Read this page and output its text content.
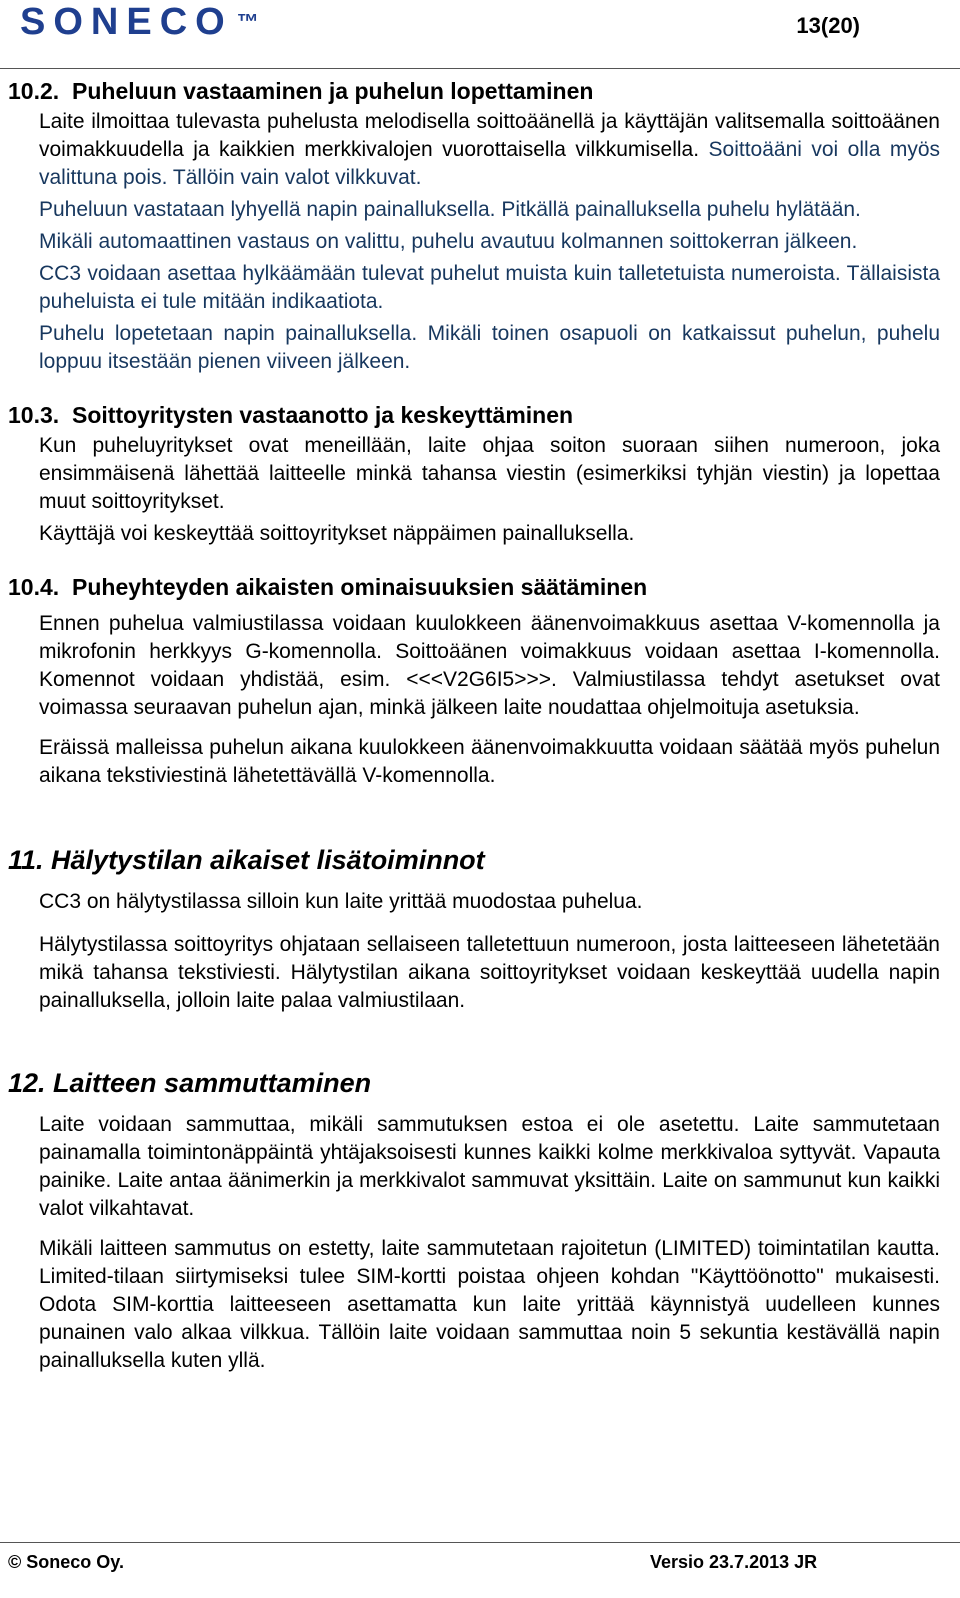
SONECO ™	13(20)
10.2. Puheluun vastaaminen ja puhelun lopettaminen

Laite ilmoittaa tulevasta puhelusta melodisella soittoäänellä ja käyttäjän valitsemalla soittoäänen voimakkuudella ja kaikkien merkkivalojen vuorottaisella vilkkumisella. Soittoääni voi olla myös valittuna pois. Tällöin vain valot vilkkuvat.

Puheluun vastataan lyhyellä napin painalluksella. Pitkällä painalluksella puhelu hylätään.

Mikäli automaattinen vastaus on valittu, puhelu avautuu kolmannen soittokerran jälkeen.

CC3 voidaan asettaa hylkäämään tulevat puhelut muista kuin talletetuista numeroista. Tällaisista puheluista ei tule mitään indikaatiota.

Puhelu lopetetaan napin painalluksella. Mikäli toinen osapuoli on katkaissut puhelun, puhelu loppuu itsestään pienen viiveen jälkeen.

10.3. Soittoyritysten vastaanotto ja keskeyttäminen

Kun puheluyritykset ovat meneillään, laite ohjaa soiton suoraan siihen numeroon, joka ensimmäisenä lähettää laitteelle minkä tahansa viestin (esimerkiksi tyhjän viestin) ja lopettaa muut soittoyritykset.

Käyttäjä voi keskeyttää soittoyritykset näppäimen painalluksella.

10.4. Puheyhteyden aikaisten ominaisuuksien säätäminen

Ennen puhelua valmiustilassa voidaan kuulokkeen äänenvoimakkuus asettaa V-komennolla ja mikrofonin herkkyys G-komennolla. Soittoäänen voimakkuus voidaan asettaa I-komennolla. Komennot voidaan yhdistää, esim. <<<V2G6I5>>>. Valmiustilassa tehdyt asetukset ovat voimassa seuraavan puhelun ajan, minkä jälkeen laite noudattaa ohjelmoituja asetuksia.

Eräissä malleissa puhelun aikana kuulokkeen äänenvoimakkuutta voidaan säätää myös puhelun aikana tekstiviestinä lähetettävällä V-komennolla.

11. Hälytystilan aikaiset lisätoiminnot

CC3 on hälytystilassa silloin kun laite yrittää muodostaa puhelua.

Hälytystilassa soittoyritys ohjataan sellaiseen talletettuun numeroon, josta laitteeseen lähetetään mikä tahansa tekstiviesti. Hälytystilan aikana soittoyritykset voidaan keskeyttää uudella napin painalluksella, jolloin laite palaa valmiustilaan.

12. Laitteen sammuttaminen

Laite voidaan sammuttaa, mikäli sammutuksen estoa ei ole asetettu. Laite sammutetaan painamalla toimintonäppäintä yhtäjaksoisesti kunnes kaikki kolme merkkivaloa syttyvät. Vapauta painike. Laite antaa äänimerkin ja merkkivalot sammuvat yksittäin. Laite on sammunut kun kaikki valot vilkahtavat.

Mikäli laitteen sammutus on estetty, laite sammutetaan rajoitetun (LIMITED) toimintatilan kautta. Limited-tilaan siirtymiseksi tulee SIM-kortti poistaa ohjeen kohdan "Käyttöönotto" mukaisesti. Odota SIM-korttia laitteeseen asettamatta kun laite yrittää käynnistyä uudelleen kunnes punainen valo alkaa vilkkua. Tällöin laite voidaan sammuttaa noin 5 sekuntia kestävällä napin painalluksella kuten yllä.

© Soneco Oy.	Versio 23.7.2013 JR
